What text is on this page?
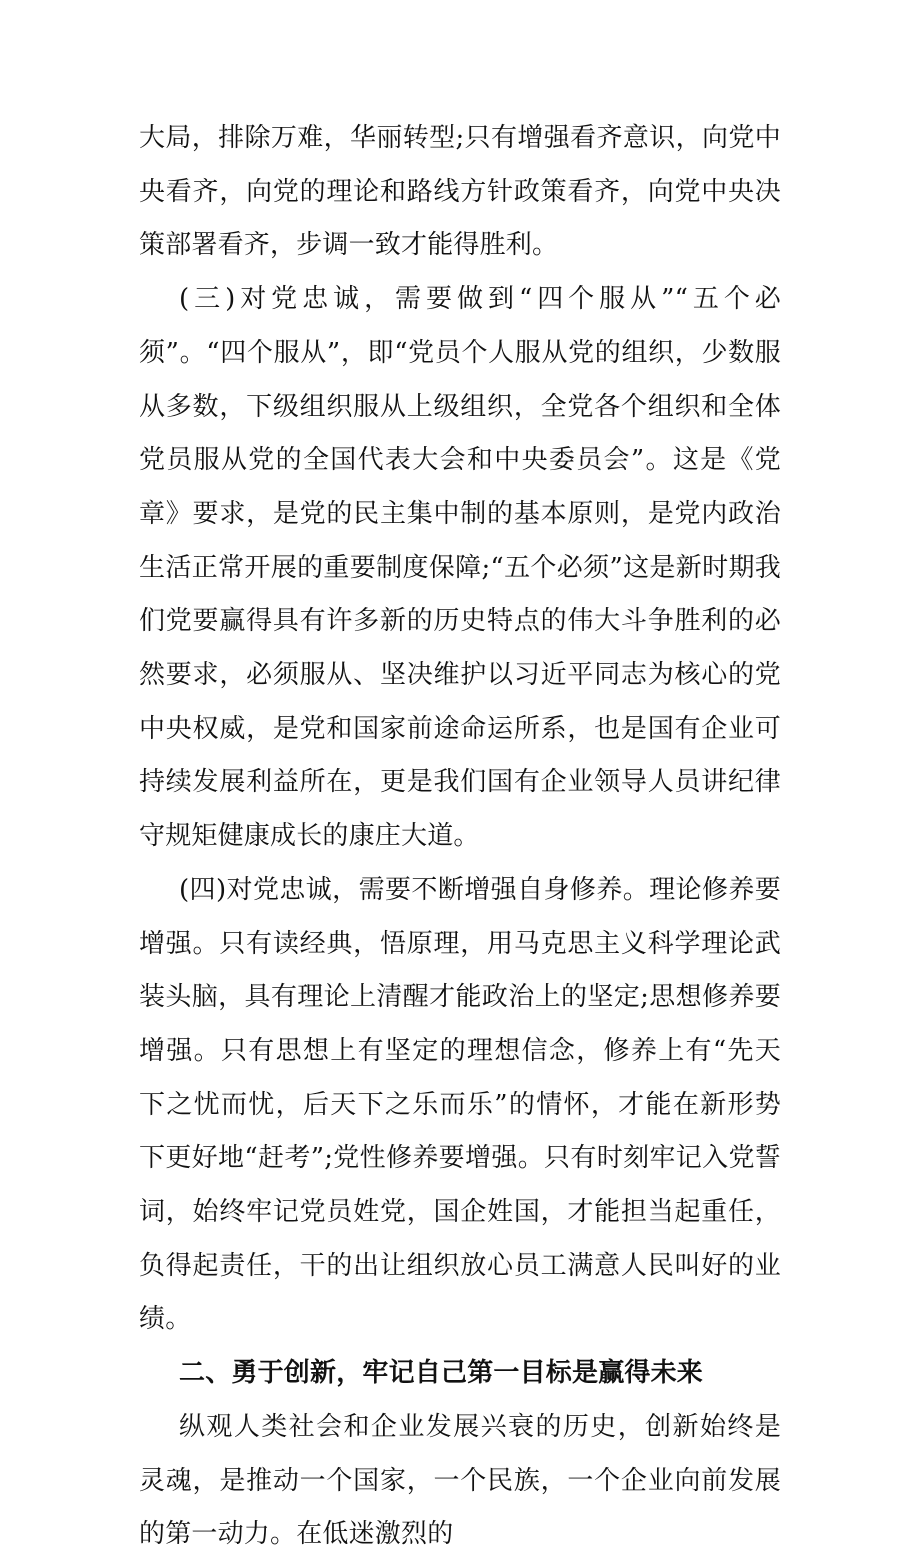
大局，排除万难，华丽转型;只有增强看齐意识，向党中央看齐，向党的理论和路线方针政策看齐，向党中央决策部署看齐，步调一致才能得胜利。

(三)对党忠诚，需要做到“四个服从”“五个必须”。“四个服从”，即“党员个人服从党的组织，少数服从多数，下级组织服从上级组织，全党各个组织和全体党员服从党的全国代表大会和中央委员会”。这是《党章》要求，是党的民主集中制的基本原则，是党内政治生活正常开展的重要制度保障;“五个必须”这是新时期我们党要赢得具有许多新的历史特点的伟大斗争胜利的必然要求，必须服从、坚决维护以习近平同志为核心的党中央权威，是党和国家前途命运所系，也是国有企业可持续发展利益所在，更是我们国有企业领导人员讲纪律守规矩健康成长的康庄大道。

(四)对党忠诚，需要不断增强自身修养。理论修养要增强。只有读经典，悟原理，用马克思主义科学理论武装头脑，具有理论上清醒才能政治上的坚定;思想修养要增强。只有思想上有坚定的理想信念，修养上有“先天下之忧而忧，后天下之乐而乐”的情怀，才能在新形势下更好地“赶考”;党性修养要增强。只有时刻牢记入党誓词，始终牢记党员姓党，国企姓国，才能担当起重任，负得起责任，干的出让组织放心员工满意人民叫好的业绩。

二、勇于创新，牢记自己第一目标是赢得未来

纵观人类社会和企业发展兴衰的历史，创新始终是灵魂，是推动一个国家，一个民族，一个企业向前发展的第一动力。在低迷激烈的
